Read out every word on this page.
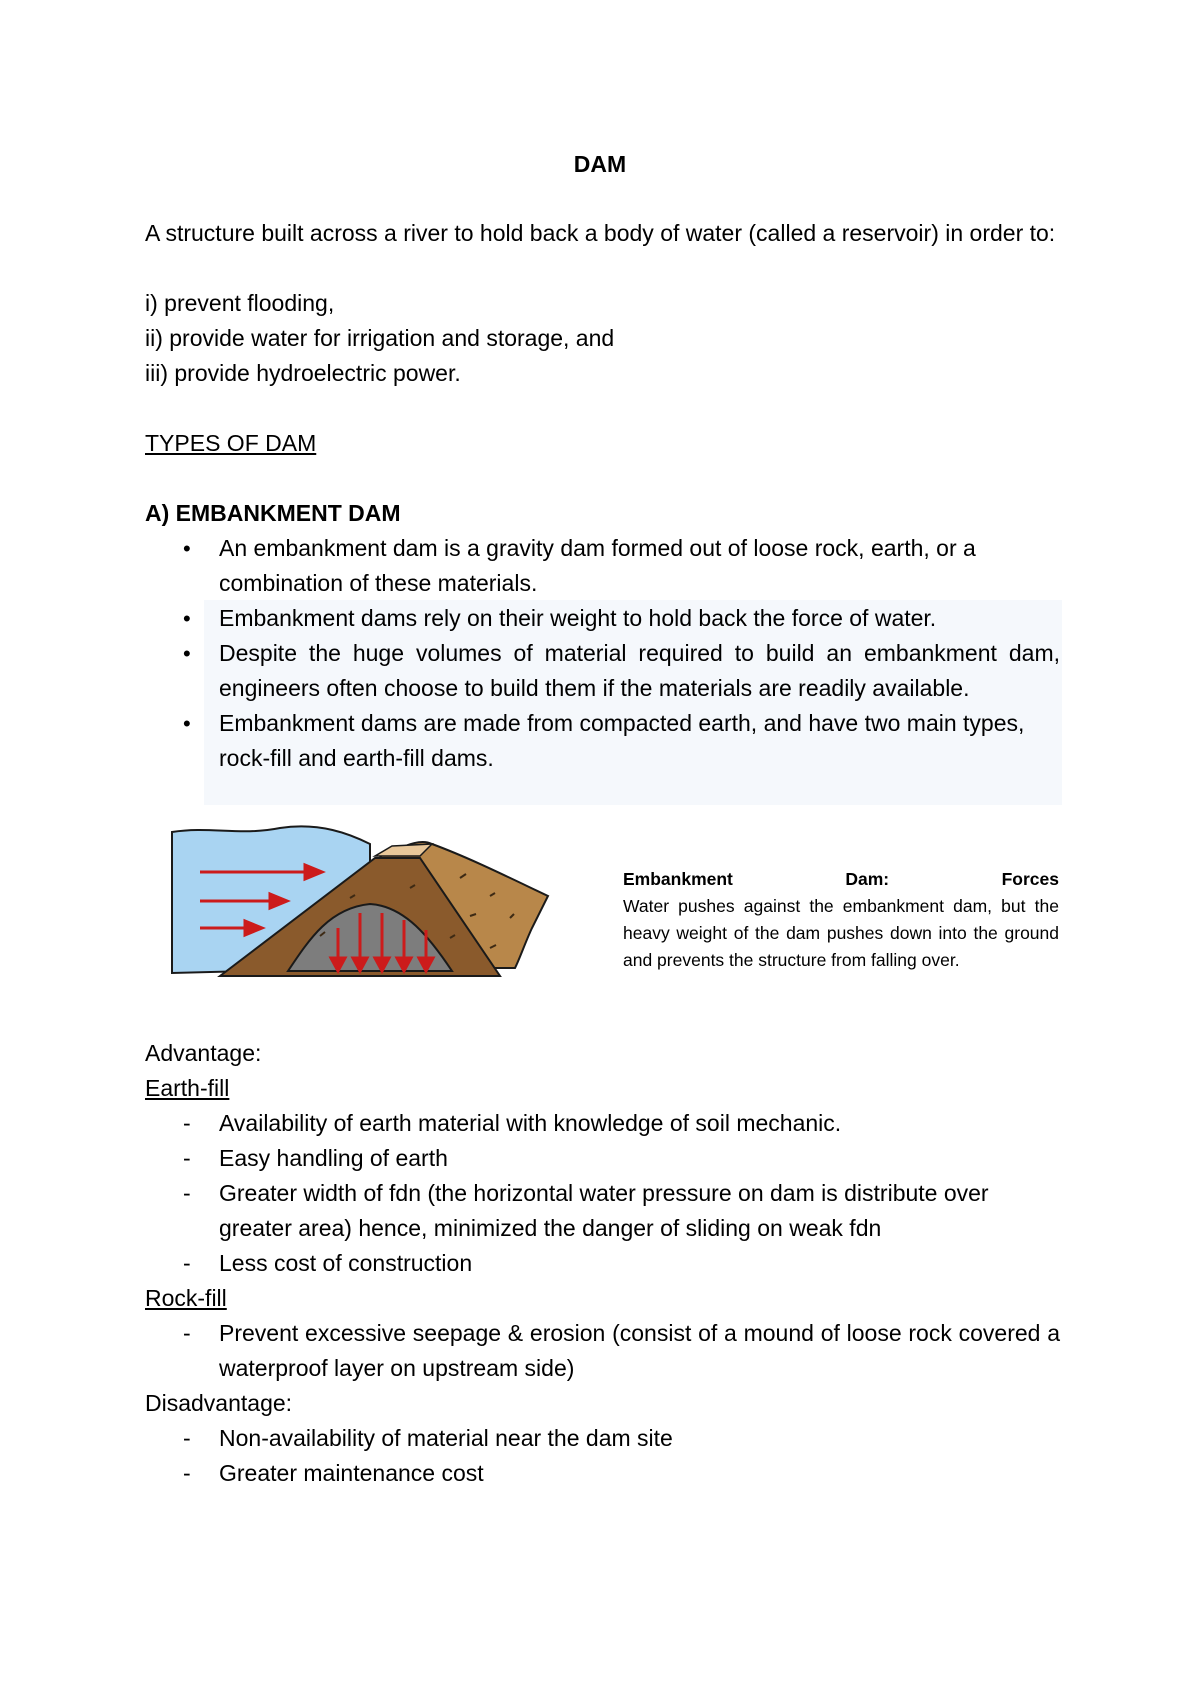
DAM
A structure built across a river to hold back a body of water (called a reservoir) in order to:
i) prevent flooding,
ii) provide water for irrigation and storage, and
iii) provide hydroelectric power.
TYPES OF DAM
A) EMBANKMENT DAM
•
An embankment dam is a gravity dam formed out of loose rock, earth, or a combination of these materials.
•
Embankment dams rely on their weight to hold back the force of water.
•
Despite the huge volumes of material required to build an embankment dam, engineers often choose to build them if the materials are readily available.
•
Embankment dams are made from compacted earth, and have two main types, rock-fill and earth-fill dams.
Embankment	Dam:	Forces
Water pushes against the embankment dam, but the heavy weight of the dam pushes down into the ground and prevents the structure from falling over.
Advantage:
Earth-fill
-
Availability of earth material with knowledge of soil mechanic.
-
Easy handling of earth
-
Greater width of fdn (the horizontal water pressure on dam is distribute over greater area) hence, minimized the danger of sliding on weak fdn
-
Less cost of construction
Rock-fill
-
Prevent excessive seepage & erosion (consist of a mound of loose rock covered a waterproof layer on upstream side)
Disadvantage:
-
Non-availability of material near the dam site
-
Greater maintenance cost
